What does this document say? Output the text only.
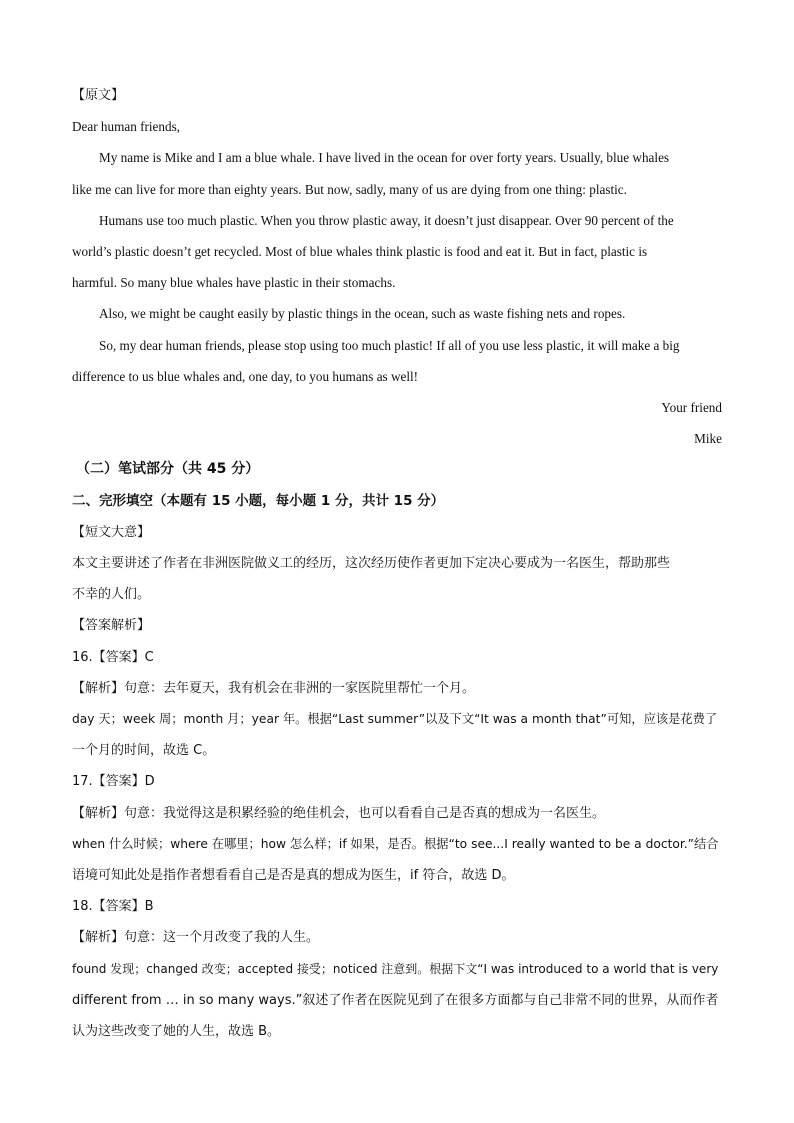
【原文】
Dear human friends,
My name is Mike and I am a blue whale. I have lived in the ocean for over forty years. Usually, blue whales
like me can live for more than eighty years. But now, sadly, many of us are dying from one thing: plastic.
Humans use too much plastic. When you throw plastic away, it doesn’t just disappear. Over 90 percent of the
world’s plastic doesn’t get recycled. Most of blue whales think plastic is food and eat it. But in fact, plastic is
harmful. So many blue whales have plastic in their stomachs.
Also, we might be caught easily by plastic things in the ocean, such as waste fishing nets and ropes.
So, my dear human friends, please stop using too much plastic! If all of you use less plastic, it will make a big
difference to us blue whales and, one day, to you humans as well!
Your friend
Mike
（二）笔试部分（共 45 分）
二、完形填空（本题有 15 小题，每小题 1 分，共计 15 分）
【短文大意】
本文主要讲述了作者在非洲医院做义工的经历，这次经历使作者更加下定决心要成为一名医生，帮助那些
不幸的人们。
【答案解析】
16.【答案】C
【解析】句意：去年夏天，我有机会在非洲的一家医院里帮忙一个月。
day 天；week 周；month 月；year 年。根据“Last summer”以及下文“It was a month that”可知，应该是花费了
一个月的时间，故选 C。
17.【答案】D
【解析】句意：我觉得这是积累经验的绝佳机会，也可以看看自己是否真的想成为一名医生。
when 什么时候；where 在哪里；how 怎么样；if 如果，是否。根据“to see...I really wanted to be a doctor.”结合
语境可知此处是指作者想看看自己是否是真的想成为医生，if 符合，故选 D。
18.【答案】B
【解析】句意：这一个月改变了我的人生。
found 发现；changed 改变；accepted 接受；noticed 注意到。根据下文“I was introduced to a world that is very
different from … in so many ways.”叙述了作者在医院见到了在很多方面都与自己非常不同的世界，从而作者
认为这些改变了她的人生，故选 B。
